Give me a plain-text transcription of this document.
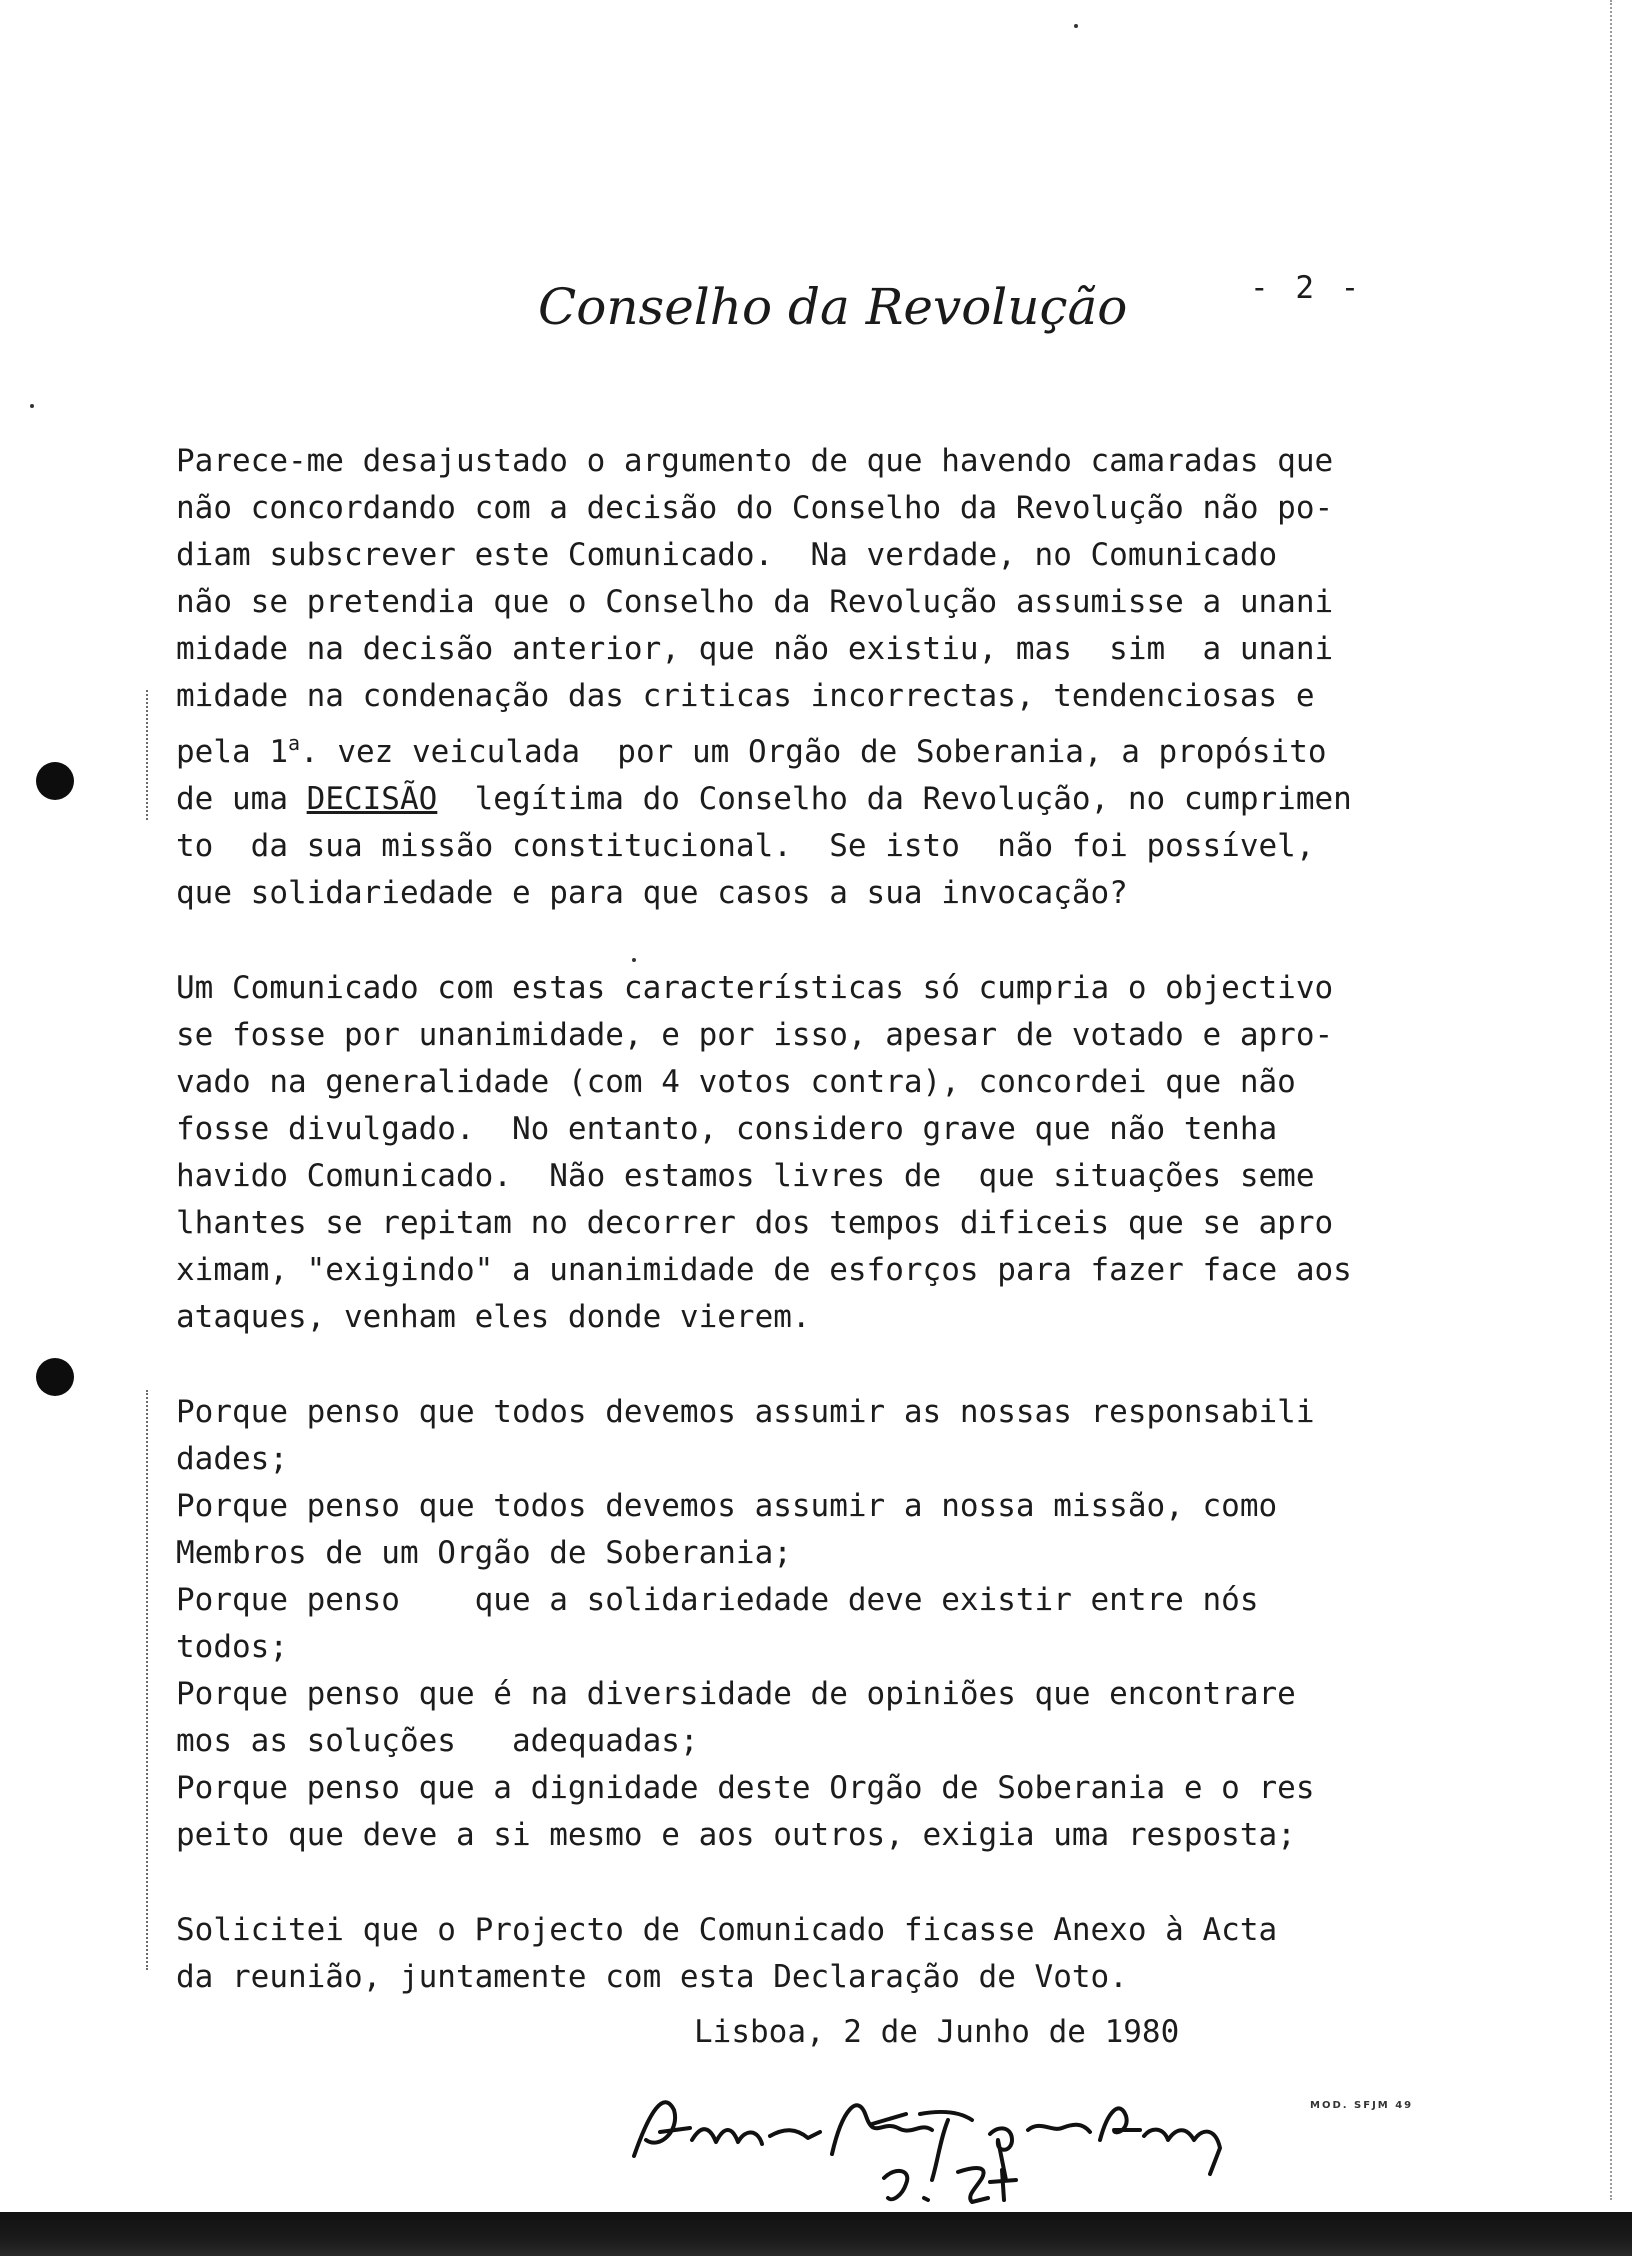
Conselho da Revolução	- 2 -
Parece-me desajustado o argumento de que havendo camaradas que
não concordando com a decisão do Conselho da Revolução não po-
diam subscrever este Comunicado.  Na verdade, no Comunicado
não se pretendia que o Conselho da Revolução assumisse a unani
midade na decisão anterior, que não existiu, mas  sim  a unani
midade na condenação das criticas incorrectas, tendenciosas e
pela 1$^a$. vez veiculada  por um Orgão de Soberania, a propósito
de uma DECISÃO  legítima do Conselho da Revolução, no cumprimen
to  da sua missão constitucional.  Se isto  não foi possível,
que solidariedade e para que casos a sua invocação?
Um Comunicado com estas características só cumpria o objectivo
se fosse por unanimidade, e por isso, apesar de votado e apro-
vado na generalidade (com 4 votos contra), concordei que não
fosse divulgado.  No entanto, considero grave que não tenha
havido Comunicado.  Não estamos livres de  que situações seme
lhantes se repitam no decorrer dos tempos dificeis que se apro
ximam, "exigindo" a unanimidade de esforços para fazer face aos
ataques, venham eles donde vierem.
Porque penso que todos devemos assumir as nossas responsabili
dades;
Porque penso que todos devemos assumir a nossa missão, como
Membros de um Orgão de Soberania;
Porque penso    que a solidariedade deve existir entre nós
todos;
Porque penso que é na diversidade de opiniões que encontrare
mos as soluções   adequadas;
Porque penso que a dignidade deste Orgão de Soberania e o res
peito que deve a si mesmo e aos outros, exigia uma resposta;
Solicitei que o Projecto de Comunicado ficasse Anexo à Acta
da reunião, juntamente com esta Declaração de Voto.
Lisboa, 2 de Junho de 1980
MOD. SFJM 49
